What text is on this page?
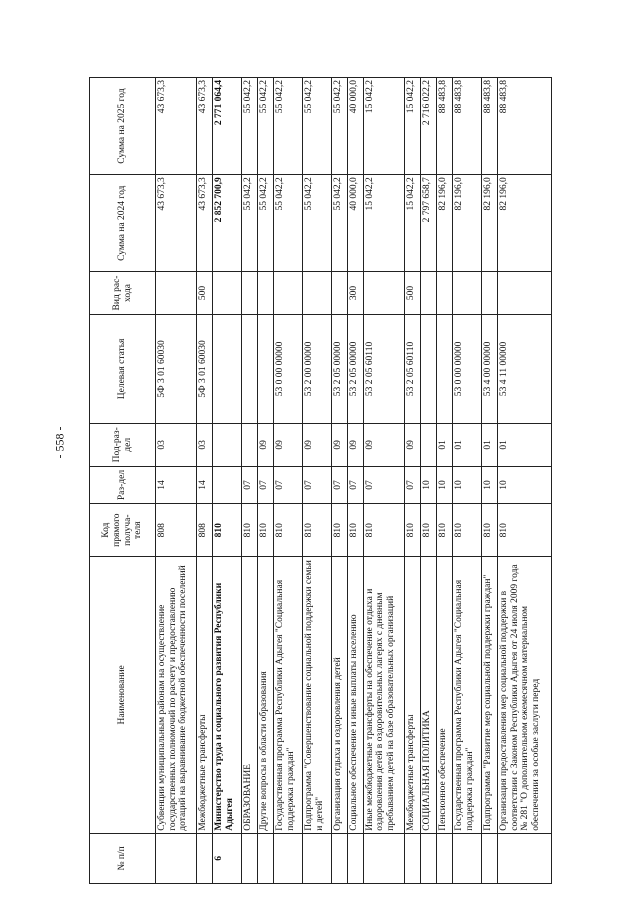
- 558 -
№ п/п	Наименование	Код прямого получа-теля	Раз-дел	Под-раз-дел	Целевая статья	Вид рас-хода	Сумма на 2024 год	Сумма на 2025 год
	Субвенции муниципальным районам на осуществление государственных полномочий по расчету и предоставлению дотаций на выравнивание бюджетной обеспеченности поселений	808	14	03	5Ф 3 01 60030		43 673,3	43 673,3
	Межбюджетные трансферты	808	14	03	5Ф 3 01 60030	500	43 673,3	43 673,3
6	Министерство труда и социального развития Республики Адыгея	810					2 852 700,9	2 771 064,4
	ОБРАЗОВАНИЕ	810	07				55 042,2	55 042,2
	Другие вопросы в области образования	810	07	09			55 042,2	55 042,2
	Государственная программа Республики Адыгея "Социальная поддержка граждан"	810	07	09	53 0 00 00000		55 042,2	55 042,2
	Подпрограмма "Совершенствование социальной поддержки семьи и детей"	810	07	09	53 2 00 00000		55 042,2	55 042,2
	Организация отдыха и оздоровления детей	810	07	09	53 2 05 00000		55 042,2	55 042,2
	Социальное обеспечение и иные выплаты населению	810	07	09	53 2 05 00000	300	40 000,0	40 000,0
	Иные межбюджетные трансферты на обеспечение отдыха и оздоровления детей в оздоровительных лагерях с дневным пребыванием детей на базе образовательных организаций	810	07	09	53 2 05 60110		15 042,2	15 042,2
	Межбюджетные трансферты	810	07	09	53 2 05 60110	500	15 042,2	15 042,2
	СОЦИАЛЬНАЯ ПОЛИТИКА	810	10				2 797 658,7	2 716 022,2
	Пенсионное обеспечение	810	10	01			82 196,0	88 483,8
	Государственная программа Республики Адыгея "Социальная поддержка граждан"	810	10	01	53 0 00 00000		82 196,0	88 483,8
	Подпрограмма "Развитие мер социальной поддержки граждан"	810	10	01	53 4 00 00000		82 196,0	88 483,8
	Организация предоставления мер социальной поддержки в соответствии с Законом Республики Адыгея от 24 июля 2009 года № 281 "О дополнительном ежемесячном материальном обеспечении за особые заслуги перед	810	10	01	53 4 11 00000		82 196,0	88 483,8
